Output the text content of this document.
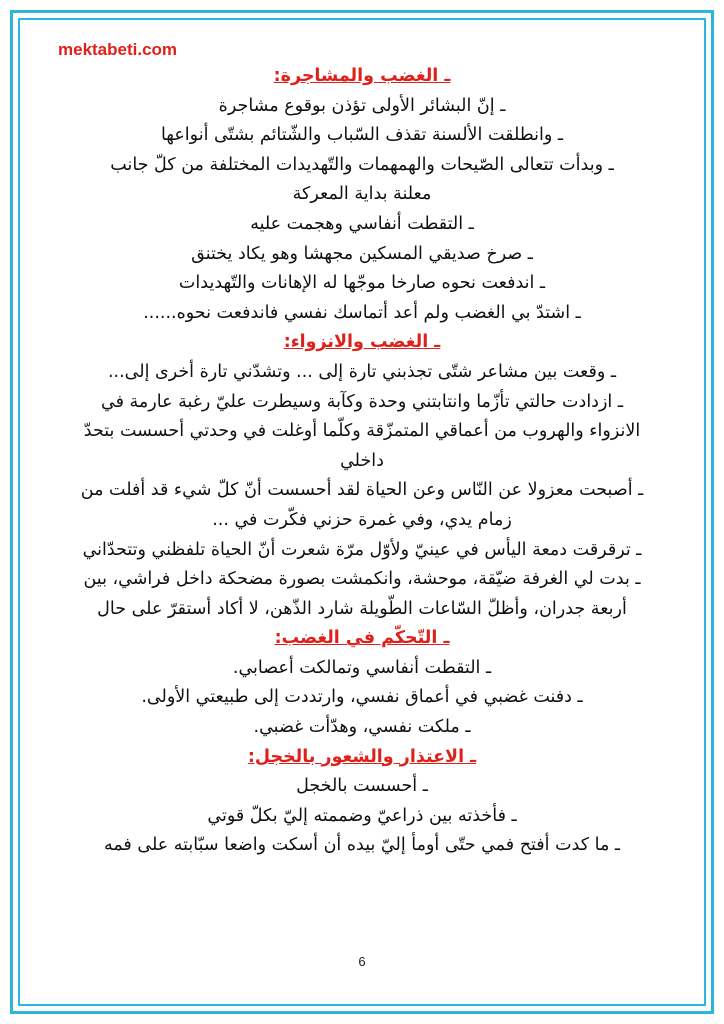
mektabeti.com

ـ الغضب والمشاجرة:

ـ إنّ البشائر الأولى تؤذن بوقوع مشاجرة

ـ وانطلقت الألسنة تقذف السّباب والشّتائم بشتّى أنواعها

ـ وبدأت تتعالى الصّيحات والهمهمات والتّهديدات المختلفة من كلّ جانب

معلنة بداية المعركة

ـ التقطت أنفاسي وهجمت عليه

ـ صرخ صديقي المسكين مجهشا وهو يكاد يختنق

ـ اندفعت نحوه صارخا موجّها له الإهانات والتّهديدات

ـ اشتدّ بي الغضب ولم أعد أتماسك نفسي فاندفعت نحوه......

ـ الغضب والانزواء:

ـ وقعت بين مشاعر شتّى تجذبني تارة إلى ... وتشدّني تارة أخرى إلى...

ـ ازدادت حالتي تأزّما وانتابتني وحدة وكآبة وسيطرت عليّ رغبة عارمة في

الانزواء والهروب من أعماقي المتمزّقة وكلّما أوغلت في وحدتي أحسست بتحدّ

داخلي

ـ أصبحت معزولا عن النّاس وعن الحياة لقد أحسست أنّ كلّ شيء قد أفلت من

زمام يدي، وفي غمرة حزني فكّرت في ...

ـ ترقرقت دمعة اليأس في عينيّ ولأوّل مرّة شعرت أنّ الحياة تلفظني وتتحدّاني

ـ بدت لي الغرفة ضيّقة، موحشة، وانكمشت بصورة مضحكة داخل فراشي، بين

أربعة جدران، وأظلّ السّاعات الطّويلة شارد الذّهن، لا أكاد أستقرّ على حال

ـ التّحكّم في الغضب:

ـ التقطت أنفاسي وتمالكت أعصابي.

ـ دفنت غضبي في أعماق نفسي، وارتددت إلى طبيعتي الأولى.

ـ ملكت نفسي، وهدّأت غضبي.

ـ الاعتذار والشعور بالخجل:

ـ أحسست بالخجل

ـ فأخذته بين ذراعيّ وضممته إليّ بكلّ قوتي

ـ ما كدت أفتح فمي حتّى أومأ إليّ بيده أن أسكت واضعا سبّابته على فمه

6
